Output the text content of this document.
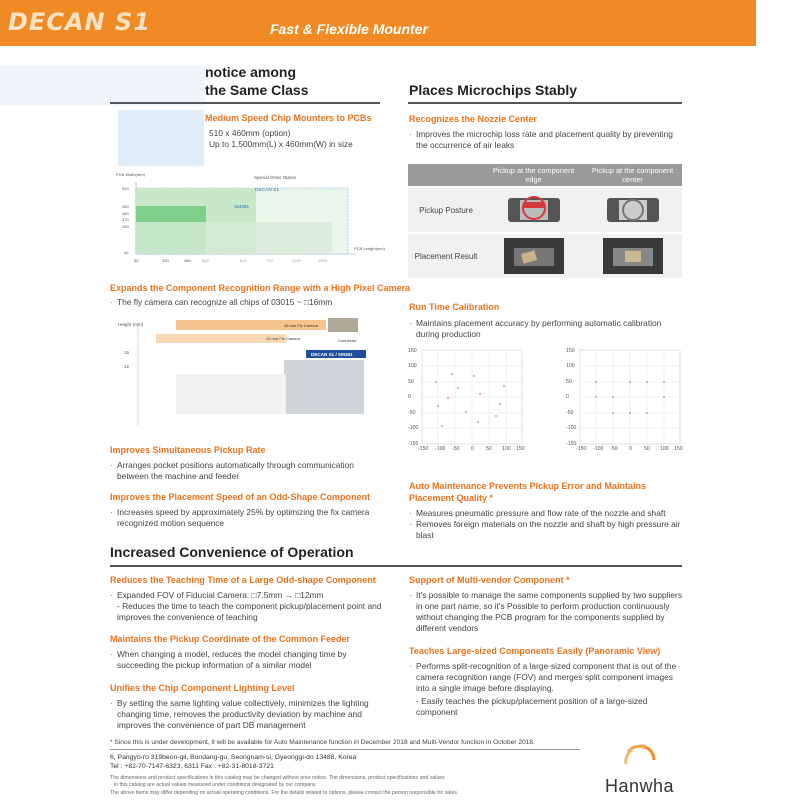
DECAN S1	Fast & Flexible Mounter
notice among
the Same Class
Medium Speed Chip Mounters to PCBs
510 x 460mm (option)
Up to 1,500mm(L) x 460mm(W) in size
PCB Width(mm)
Special Order Option
DECAN S1
SM481
510
460
460
370
250
40
50	330	460	510	610	740	1200	1500
PCB Length(mm)
Expands the Component Recognition Range with a High Pixel Camera
· The fly camera can recognize all chips of 03015 ~ □16mm
Height (mm)
15
12
45 mm Fix Camera
25 mm Fix Camera	Connector
DECAN S1 / SM481
Improves Simultaneous Pickup Rate
· Arranges pocket positions automatically through communication between the machine and feeder
Improves the Placement Speed of an Odd-Shape Component
· Increases speed by approximately 25% by optimizing the fix camera recognized motion sequence
Places Microchips Stably
Recognizes the Nozzle Center
· Improves the microchip loss rate and placement quality by preventing the occurrence of air leaks
Pickup at the component edge
Pickup at the component center
Pickup Posture
Placement Result
Run Time Calibration
· Maintains placement accuracy by performing automatic calibration during production
150
100
50
0
-50
-100
-150
-150 -100 -50 0 50 100 150
150
100
50
0
-50
-100
-150
-150 -100 -50 0 50 100 150
Auto Maintenance Prevents Pickup Error and Maintains
Placement Quality *
· Measures pneumatic pressure and flow rate of the nozzle and shaft
· Removes foreign materials on the nozzle and shaft by high pressure air blast
Increased Convenience of Operation
Reduces the Teaching Time of a Large Odd-shape Component
· Expanded FOV of Fiducial Camera: □7.5mm → □12mm
- Reduces the time to teach the component pickup/placement point and improves the convenience of teaching
Maintains the Pickup Coordinate of the Common Feeder
· When changing a model, reduces the model changing time by succeeding the pickup information of a similar model
Unifies the Chip Component Lighting Level
· By setting the same lighting value collectively, minimizes the lighting changing time, removes the productivity deviation by machine and improves the convenience of part DB management
Support of Multi-vendor Component *
· It's possible to manage the same components supplied by two suppliers in one part name, so it's Possible to perform production continuously without changing the PCB program for the components supplied by different vendors
Teaches Large-sized Components Easily (Panoramic View)
· Performs split-recognition of a large-sized component that is out of the camera recognition range (FOV) and merges split component images into a single image before displaying.
- Easily teaches the pickup/placement position of a large-sized component
* Since this is under development, it will be available for Auto Maintenance function in December 2018 and Multi-Vendor function in October 2018.
6, Pangyo-ro 319beon-gil, Bundang-gu, Seongnam-si, Gyeonggi-do 13488, Korea
Tel : +82-70-7147-6323, 6311 Fax : +82-31-8018-3721
The dimensions and product specifications in this catalog may be changed without prior notice. The dimensions, product specifications and values
in this catalog are actual values measured under conditions designated by our company.
The above items may differ depending on actual operating conditions. For the details related to options, please contact the person responsible for sales.	Hanwha
